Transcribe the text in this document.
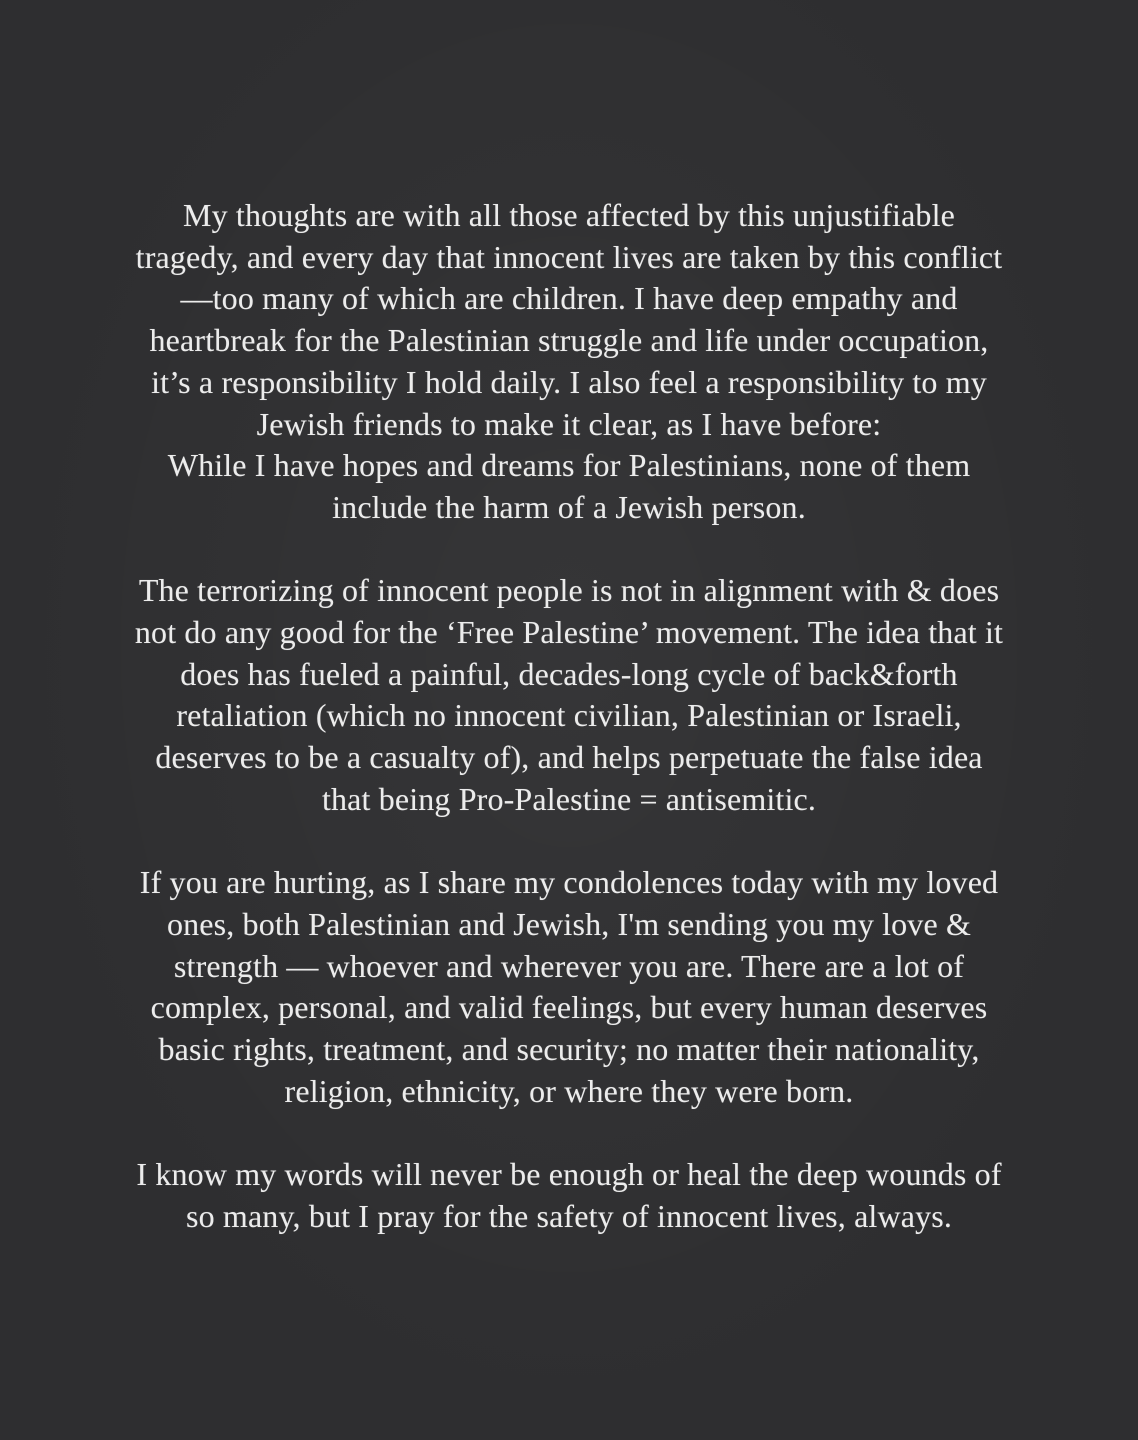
My thoughts are with all those affected by this unjustifiable
tragedy, and every day that innocent lives are taken by this conflict
—too many of which are children. I have deep empathy and
heartbreak for the Palestinian struggle and life under occupation,
it’s a responsibility I hold daily. I also feel a responsibility to my
Jewish friends to make it clear, as I have before:
While I have hopes and dreams for Palestinians, none of them
include the harm of a Jewish person.

The terrorizing of innocent people is not in alignment with & does
not do any good for the ‘Free Palestine’ movement. The idea that it
does has fueled a painful, decades-long cycle of back&forth
retaliation (which no innocent civilian, Palestinian or Israeli,
deserves to be a casualty of), and helps perpetuate the false idea
that being Pro-Palestine = antisemitic.

If you are hurting, as I share my condolences today with my loved
ones, both Palestinian and Jewish, I'm sending you my love &
strength — whoever and wherever you are. There are a lot of
complex, personal, and valid feelings, but every human deserves
basic rights, treatment, and security; no matter their nationality,
religion, ethnicity, or where they were born.

I know my words will never be enough or heal the deep wounds of
so many, but I pray for the safety of innocent lives, always.
